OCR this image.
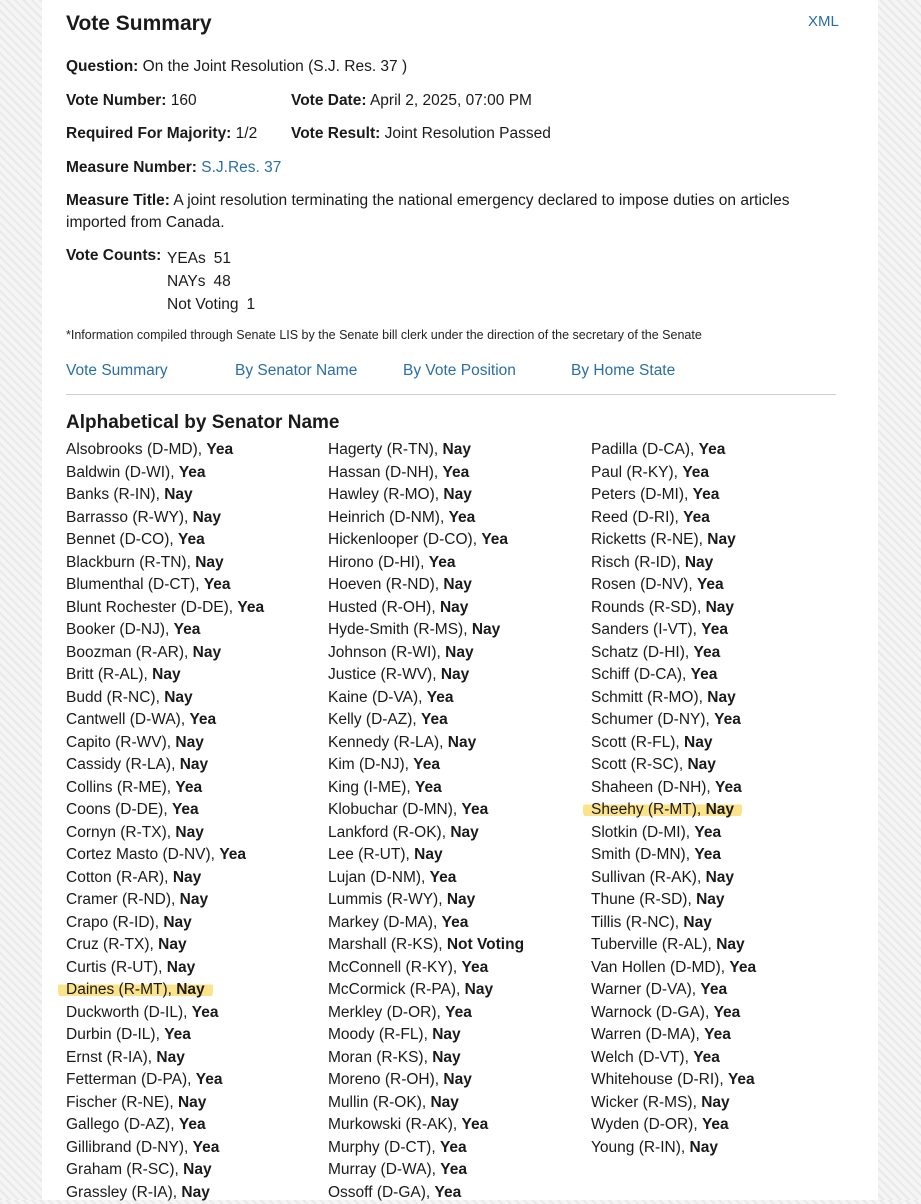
Vote Summary	XML
Question: On the Joint Resolution (S.J. Res. 37 )
Vote Number: 160	Vote Date: April 2, 2025, 07:00 PM
Required For Majority: 1/2 Vote Result: Joint Resolution Passed
Measure Number: S.J.Res. 37
Measure Title: A joint resolution terminating the national emergency declared to impose duties on articles imported from Canada.
Vote Counts: YEAs 51
NAYs 48
Not Voting 1
*Information compiled through Senate LIS by the Senate bill clerk under the direction of the secretary of the Senate
Vote Summary	By Senator Name	By Vote Position	By Home State
Alphabetical by Senator Name
Alsobrooks (D-MD), Yea
Baldwin (D-WI), Yea
Banks (R-IN), Nay
Barrasso (R-WY), Nay
Bennet (D-CO), Yea
Blackburn (R-TN), Nay
Blumenthal (D-CT), Yea
Blunt Rochester (D-DE), Yea
Booker (D-NJ), Yea
Boozman (R-AR), Nay
Britt (R-AL), Nay
Budd (R-NC), Nay
Cantwell (D-WA), Yea
Capito (R-WV), Nay
Cassidy (R-LA), Nay
Collins (R-ME), Yea
Coons (D-DE), Yea
Cornyn (R-TX), Nay
Cortez Masto (D-NV), Yea
Cotton (R-AR), Nay
Cramer (R-ND), Nay
Crapo (R-ID), Nay
Cruz (R-TX), Nay
Curtis (R-UT), Nay
Daines (R-MT), Nay
Duckworth (D-IL), Yea
Durbin (D-IL), Yea
Ernst (R-IA), Nay
Fetterman (D-PA), Yea
Fischer (R-NE), Nay
Gallego (D-AZ), Yea
Gillibrand (D-NY), Yea
Graham (R-SC), Nay
Grassley (R-IA), Nay
Hagerty (R-TN), Nay
Hassan (D-NH), Yea
Hawley (R-MO), Nay
Heinrich (D-NM), Yea
Hickenlooper (D-CO), Yea
Hirono (D-HI), Yea
Hoeven (R-ND), Nay
Husted (R-OH), Nay
Hyde-Smith (R-MS), Nay
Johnson (R-WI), Nay
Justice (R-WV), Nay
Kaine (D-VA), Yea
Kelly (D-AZ), Yea
Kennedy (R-LA), Nay
Kim (D-NJ), Yea
King (I-ME), Yea
Klobuchar (D-MN), Yea
Lankford (R-OK), Nay
Lee (R-UT), Nay
Lujan (D-NM), Yea
Lummis (R-WY), Nay
Markey (D-MA), Yea
Marshall (R-KS), Not Voting
McConnell (R-KY), Yea
McCormick (R-PA), Nay
Merkley (D-OR), Yea
Moody (R-FL), Nay
Moran (R-KS), Nay
Moreno (R-OH), Nay
Mullin (R-OK), Nay
Murkowski (R-AK), Yea
Murphy (D-CT), Yea
Murray (D-WA), Yea
Ossoff (D-GA), Yea
Padilla (D-CA), Yea
Paul (R-KY), Yea
Peters (D-MI), Yea
Reed (D-RI), Yea
Ricketts (R-NE), Nay
Risch (R-ID), Nay
Rosen (D-NV), Yea
Rounds (R-SD), Nay
Sanders (I-VT), Yea
Schatz (D-HI), Yea
Schiff (D-CA), Yea
Schmitt (R-MO), Nay
Schumer (D-NY), Yea
Scott (R-FL), Nay
Scott (R-SC), Nay
Shaheen (D-NH), Yea
Sheehy (R-MT), Nay
Slotkin (D-MI), Yea
Smith (D-MN), Yea
Sullivan (R-AK), Nay
Thune (R-SD), Nay
Tillis (R-NC), Nay
Tuberville (R-AL), Nay
Van Hollen (D-MD), Yea
Warner (D-VA), Yea
Warnock (D-GA), Yea
Warren (D-MA), Yea
Welch (D-VT), Yea
Whitehouse (D-RI), Yea
Wicker (R-MS), Nay
Wyden (D-OR), Yea
Young (R-IN), Nay
